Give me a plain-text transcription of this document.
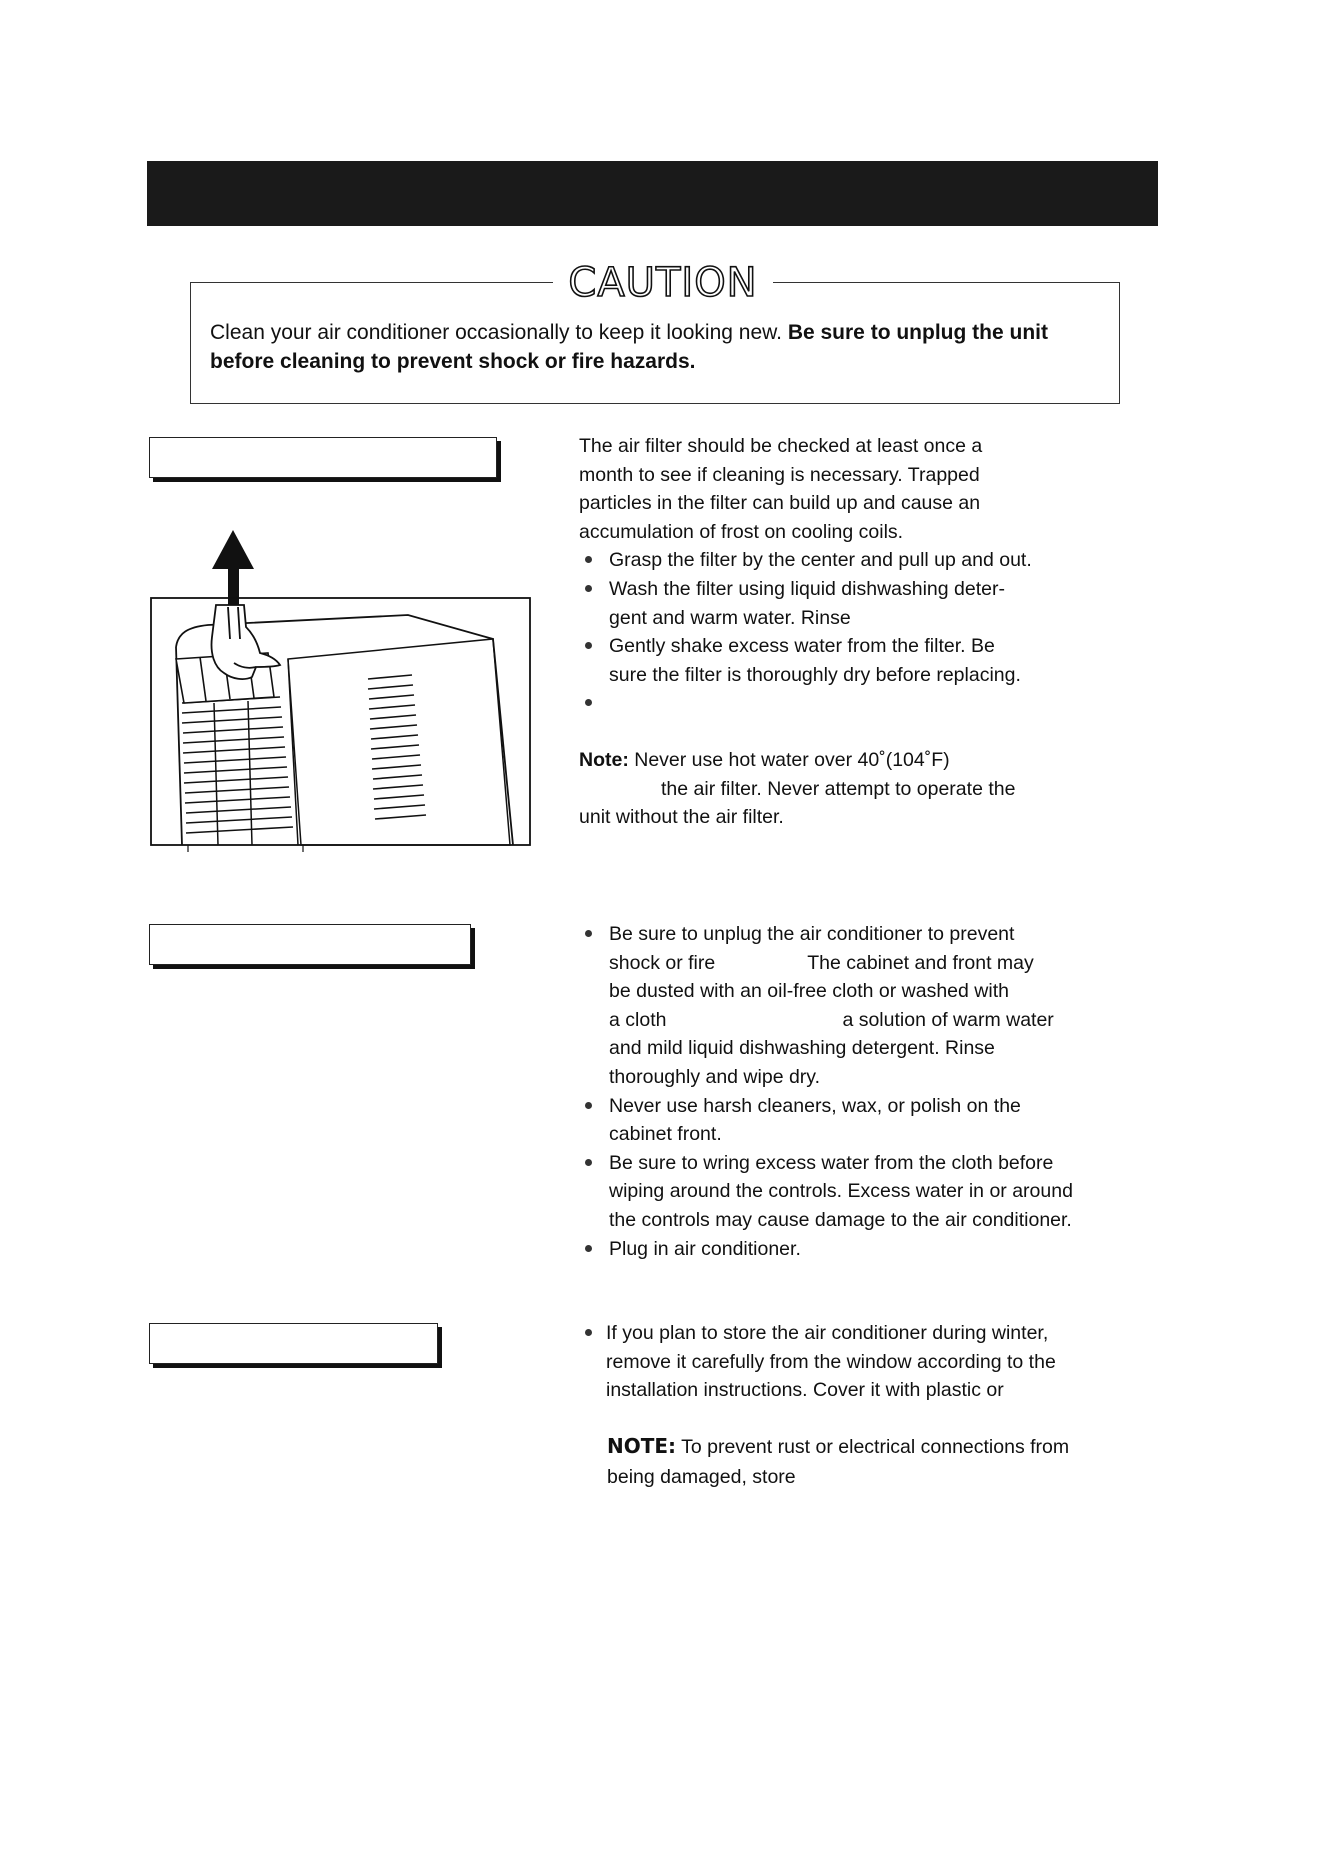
CAUTION
Clean your air conditioner occasionally to keep it looking new. Be sure to unplug the unit
before cleaning to prevent shock or fire hazards.

The air filter should be checked at least once a

month to see if cleaning is necessary. Trapped

particles in the filter can build up and cause an

accumulation of frost on cooling coils.

Grasp the filter by the center and pull up and out.

Wash the filter using liquid dishwashing deter-
gent and warm water. Rinse

Gently shake excess water from the filter. Be
sure the filter is thoroughly dry before replacing.

Note: Never use hot water over 40˚(104˚F)

the air filter. Never attempt to operate the

unit without the air filter.

Be sure to unplug the air conditioner to prevent
shock or fire	The cabinet and front may
be dusted with an oil-free cloth or washed with
a cloth	a solution of warm water
and mild liquid dishwashing detergent. Rinse
thoroughly and wipe dry.

Never use harsh cleaners, wax, or polish on the
cabinet front.

Be sure to wring excess water from the cloth before
wiping around the controls. Excess water in or around
the controls may cause damage to the air conditioner.

Plug in air conditioner.

If you plan to store the air conditioner during winter,
remove it carefully from the window according to the
installation instructions. Cover it with plastic or

NOTE: To prevent rust or electrical connections from
being damaged, store
